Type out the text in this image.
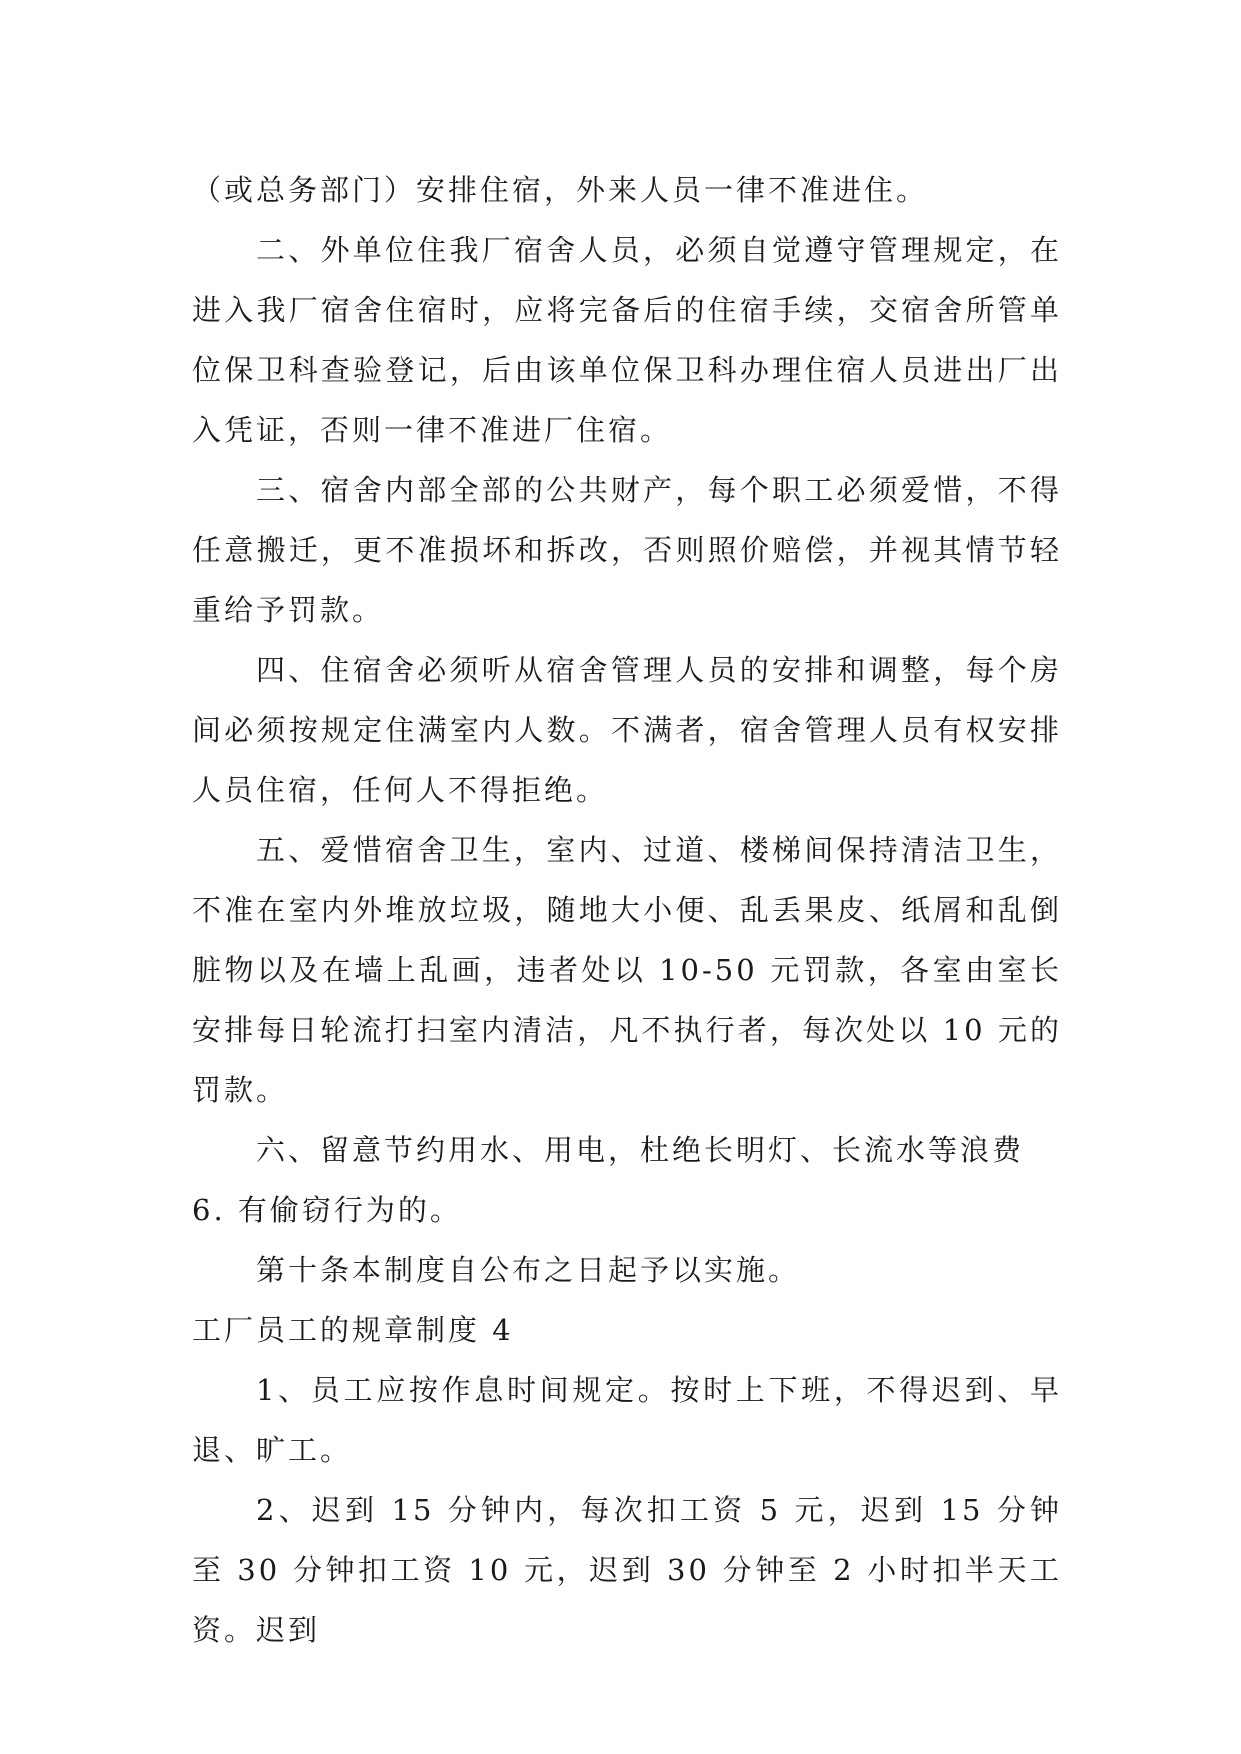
（或总务部门）安排住宿，外来人员一律不准进住。

二、外单位住我厂宿舍人员，必须自觉遵守管理规定，在进入我厂宿舍住宿时，应将完备后的住宿手续，交宿舍所管单位保卫科查验登记，后由该单位保卫科办理住宿人员进出厂出入凭证，否则一律不准进厂住宿。

三、宿舍内部全部的公共财产，每个职工必须爱惜，不得任意搬迁，更不准损坏和拆改，否则照价赔偿，并视其情节轻重给予罚款。

四、住宿舍必须听从宿舍管理人员的安排和调整，每个房间必须按规定住满室内人数。不满者，宿舍管理人员有权安排人员住宿，任何人不得拒绝。

五、爱惜宿舍卫生，室内、过道、楼梯间保持清洁卫生，不准在室内外堆放垃圾，随地大小便、乱丢果皮、纸屑和乱倒脏物以及在墙上乱画，违者处以 10-50 元罚款，各室由室长安排每日轮流打扫室内清洁，凡不执行者，每次处以 10 元的罚款。

六、留意节约用水、用电，杜绝长明灯、长流水等浪费

6. 有偷窃行为的。

第十条本制度自公布之日起予以实施。

工厂员工的规章制度 4

1、员工应按作息时间规定。按时上下班，不得迟到、早退、旷工。

2、迟到 15 分钟内，每次扣工资 5 元，迟到 15 分钟至 30 分钟扣工资 10 元，迟到 30 分钟至 2 小时扣半天工资。迟到
